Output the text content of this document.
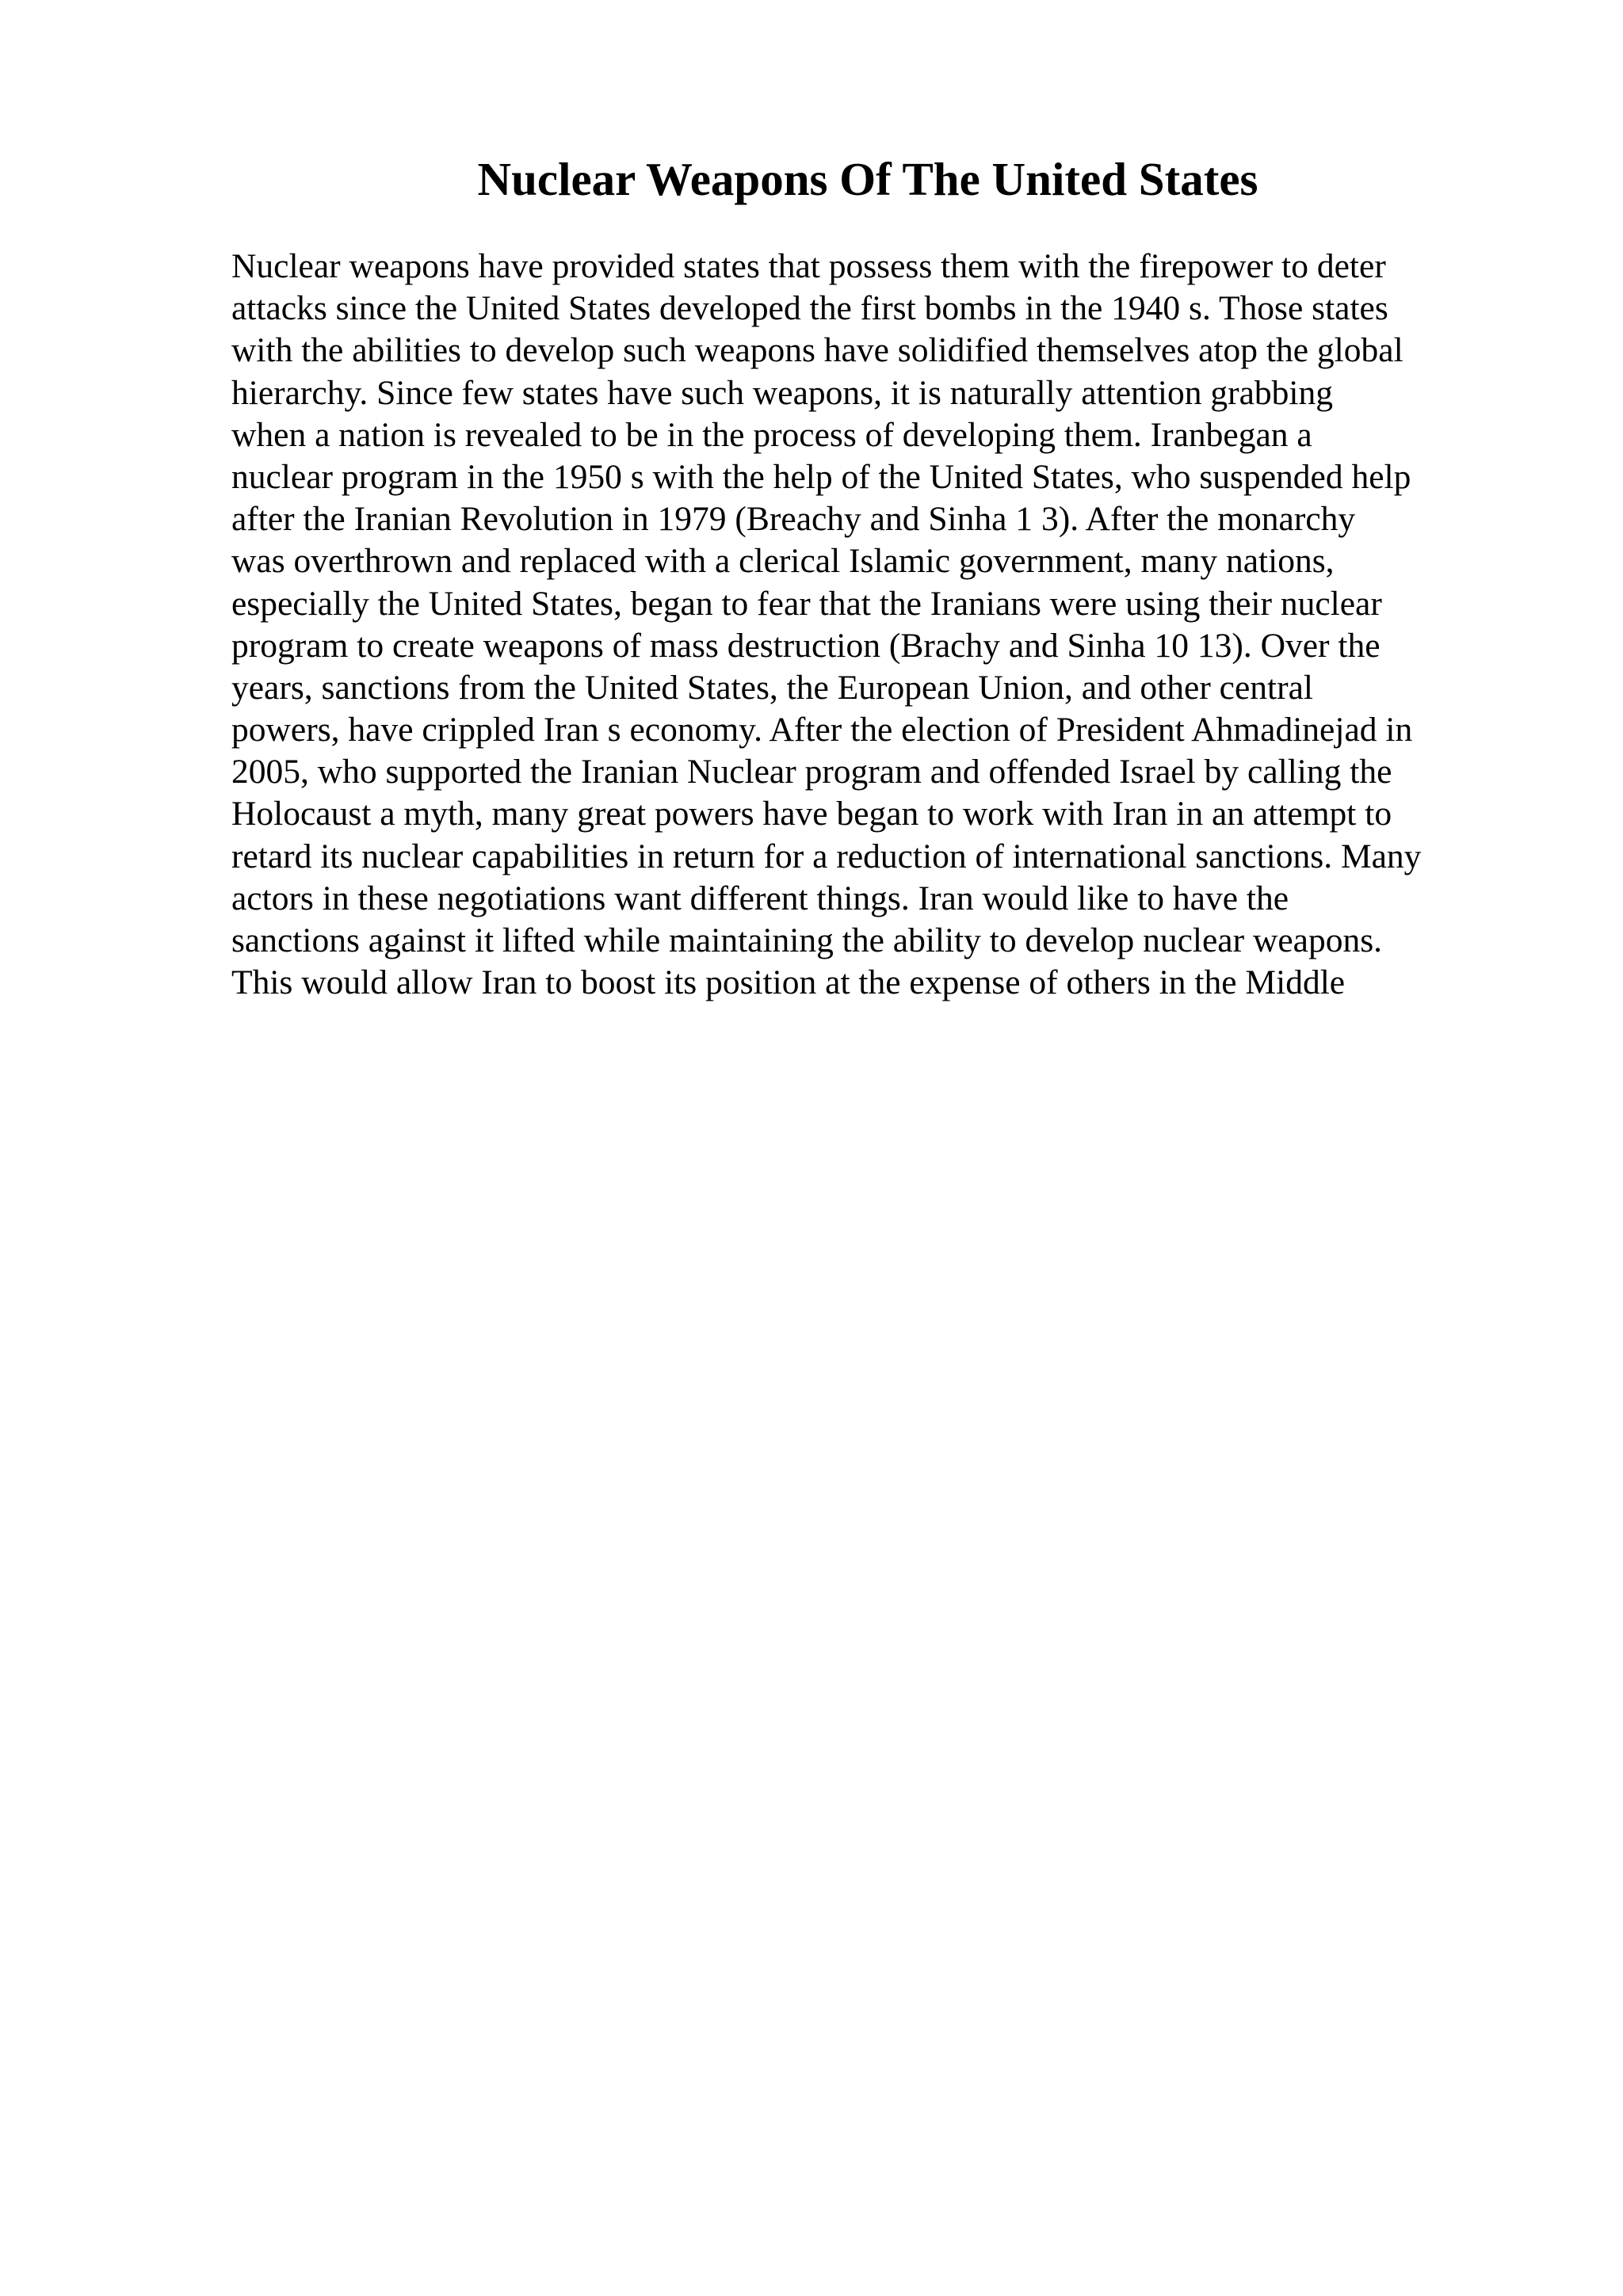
Nuclear Weapons Of The United States
Nuclear weapons have provided states that possess them with the firepower to deter
attacks since the United States developed the first bombs in the 1940 s. Those states
with the abilities to develop such weapons have solidified themselves atop the global
hierarchy. Since few states have such weapons, it is naturally attention grabbing
when a nation is revealed to be in the process of developing them. Iranbegan a
nuclear program in the 1950 s with the help of the United States, who suspended help
after the Iranian Revolution in 1979 (Breachy and Sinha 1 3). After the monarchy
was overthrown and replaced with a clerical Islamic government, many nations,
especially the United States, began to fear that the Iranians were using their nuclear
program to create weapons of mass destruction (Brachy and Sinha 10 13). Over the
years, sanctions from the United States, the European Union, and other central
powers, have crippled Iran s economy. After the election of President Ahmadinejad in
2005, who supported the Iranian Nuclear program and offended Israel by calling the
Holocaust a myth, many great powers have began to work with Iran in an attempt to
retard its nuclear capabilities in return for a reduction of international sanctions. Many
actors in these negotiations want different things. Iran would like to have the
sanctions against it lifted while maintaining the ability to develop nuclear weapons.
This would allow Iran to boost its position at the expense of others in the Middle
